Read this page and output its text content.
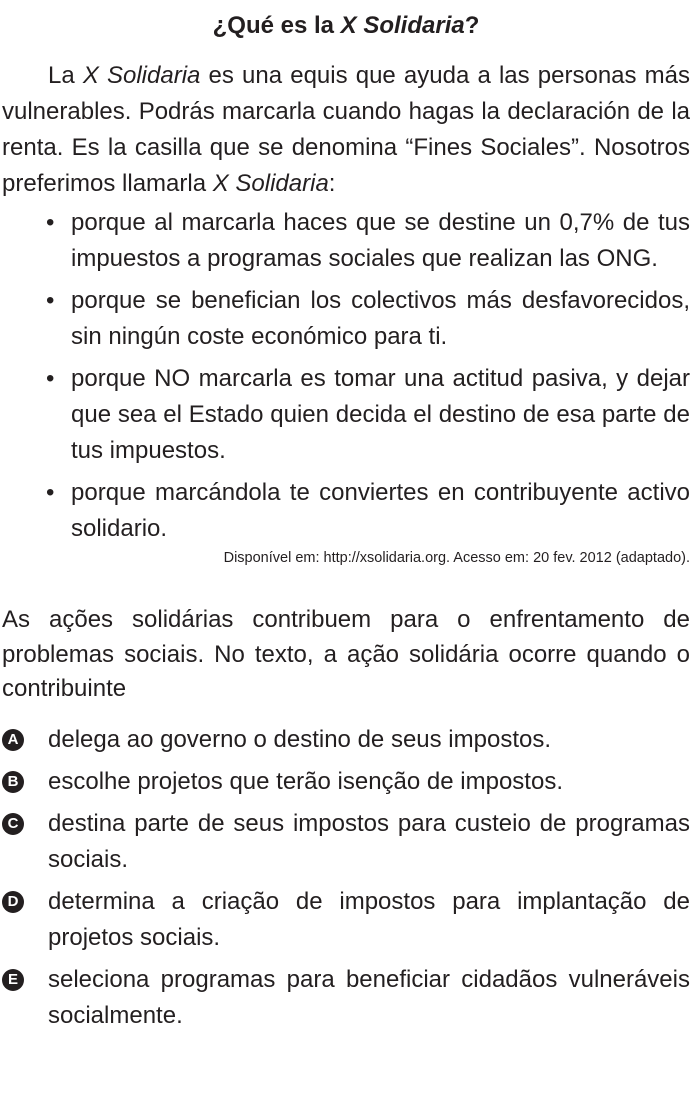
¿Qué es la X Solidaria?

La X Solidaria es una equis que ayuda a las personas más vulnerables. Podrás marcarla cuando hagas la declaración de la renta. Es la casilla que se denomina “Fines Sociales”. Nosotros preferimos llamarla X Solidaria:

• porque al marcarla haces que se destine un 0,7% de tus impuestos a programas sociales que realizan las ONG.
• porque se benefician los colectivos más desfavorecidos, sin ningún coste económico para ti.
• porque NO marcarla es tomar una actitud pasiva, y dejar que sea el Estado quien decida el destino de esa parte de tus impuestos.
• porque marcándola te conviertes en contribuyente activo solidario.
Disponível em: http://xsolidaria.org. Acesso em: 20 fev. 2012 (adaptado).

As ações solidárias contribuem para o enfrentamento de problemas sociais. No texto, a ação solidária ocorre quando o contribuinte

A delega ao governo o destino de seus impostos.
B escolhe projetos que terão isenção de impostos.
C destina parte de seus impostos para custeio de programas sociais.
D determina a criação de impostos para implantação de projetos sociais.
E seleciona programas para beneficiar cidadãos vulneráveis socialmente.
